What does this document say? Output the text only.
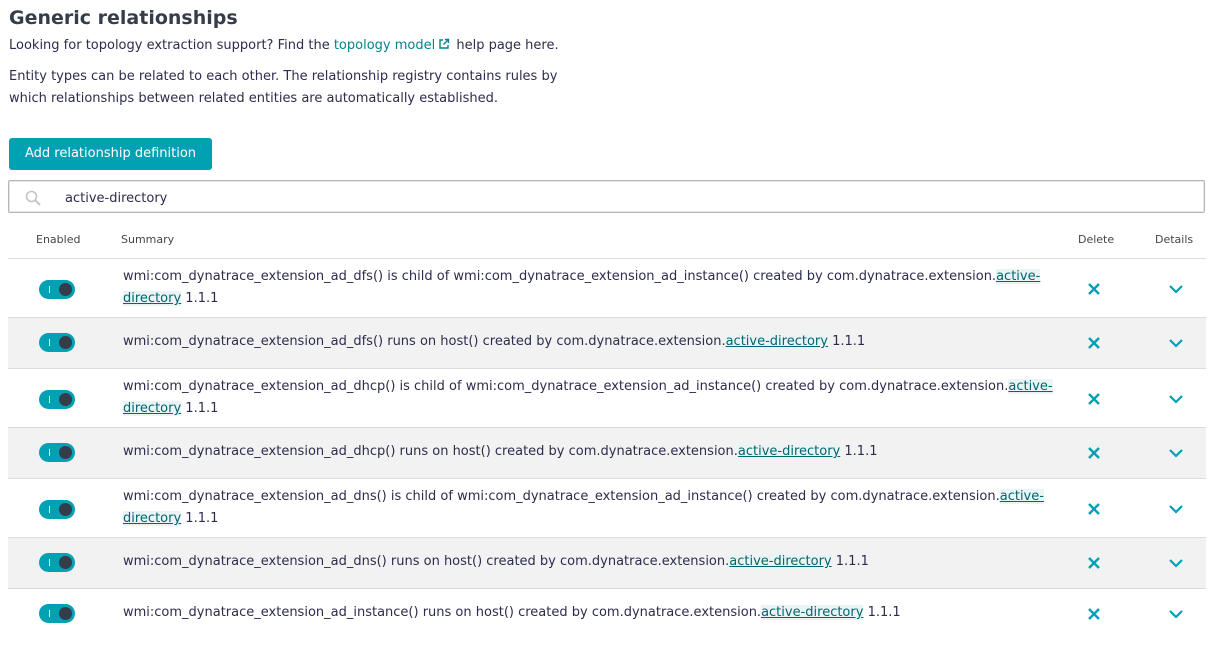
Generic relationships
Looking for topology extraction support? Find the topology model help page here.
Entity types can be related to each other. The relationship registry contains rules by which relationships between related entities are automatically established.
Add relationship definition
active-directory
Enabled	Summary	Delete	Details
wmi:com_dynatrace_extension_ad_dfs() is child of wmi:com_dynatrace_extension_ad_instance() created by com.dynatrace.extension.active-directory 1.1.1
wmi:com_dynatrace_extension_ad_dfs() runs on host() created by com.dynatrace.extension.active-directory 1.1.1
wmi:com_dynatrace_extension_ad_dhcp() is child of wmi:com_dynatrace_extension_ad_instance() created by com.dynatrace.extension.active-directory 1.1.1
wmi:com_dynatrace_extension_ad_dhcp() runs on host() created by com.dynatrace.extension.active-directory 1.1.1
wmi:com_dynatrace_extension_ad_dns() is child of wmi:com_dynatrace_extension_ad_instance() created by com.dynatrace.extension.active-directory 1.1.1
wmi:com_dynatrace_extension_ad_dns() runs on host() created by com.dynatrace.extension.active-directory 1.1.1
wmi:com_dynatrace_extension_ad_instance() runs on host() created by com.dynatrace.extension.active-directory 1.1.1
